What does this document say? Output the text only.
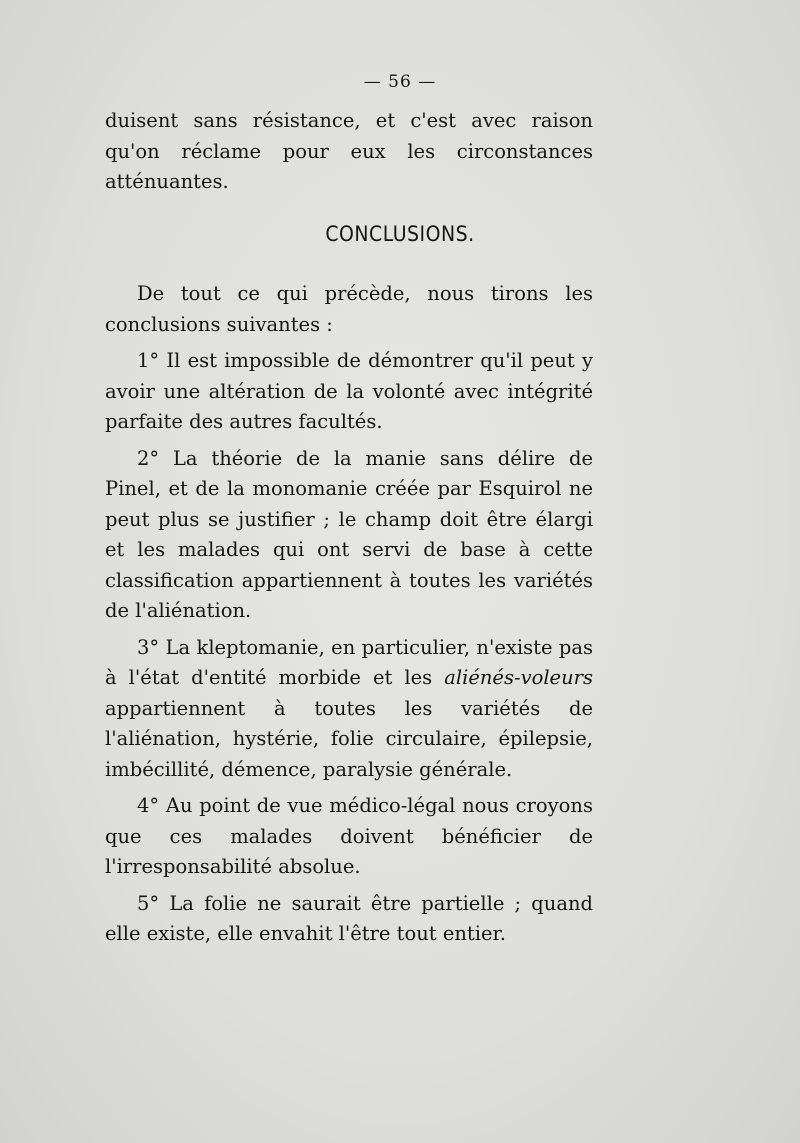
— 56 —

duisent sans résistance, et c'est avec raison qu'on réclame pour eux les circonstances atténuantes.

CONCLUSIONS.

De tout ce qui précède, nous tirons les conclusions suivantes :

1° Il est impossible de démontrer qu'il peut y avoir une altération de la volonté avec intégrité parfaite des autres facultés.

2° La théorie de la manie sans délire de Pinel, et de la monomanie créée par Esquirol ne peut plus se justifier ; le champ doit être élargi et les malades qui ont servi de base à cette classification appartiennent à toutes les variétés de l'aliénation.

3° La kleptomanie, en particulier, n'existe pas à l'état d'entité morbide et les aliénés-voleurs appartiennent à toutes les variétés de l'aliénation, hystérie, folie circulaire, épilepsie, imbécillité, démence, paralysie générale.

4° Au point de vue médico-légal nous croyons que ces malades doivent bénéficier de l'irresponsabilité absolue.

5° La folie ne saurait être partielle ; quand elle existe, elle envahit l'être tout entier.
